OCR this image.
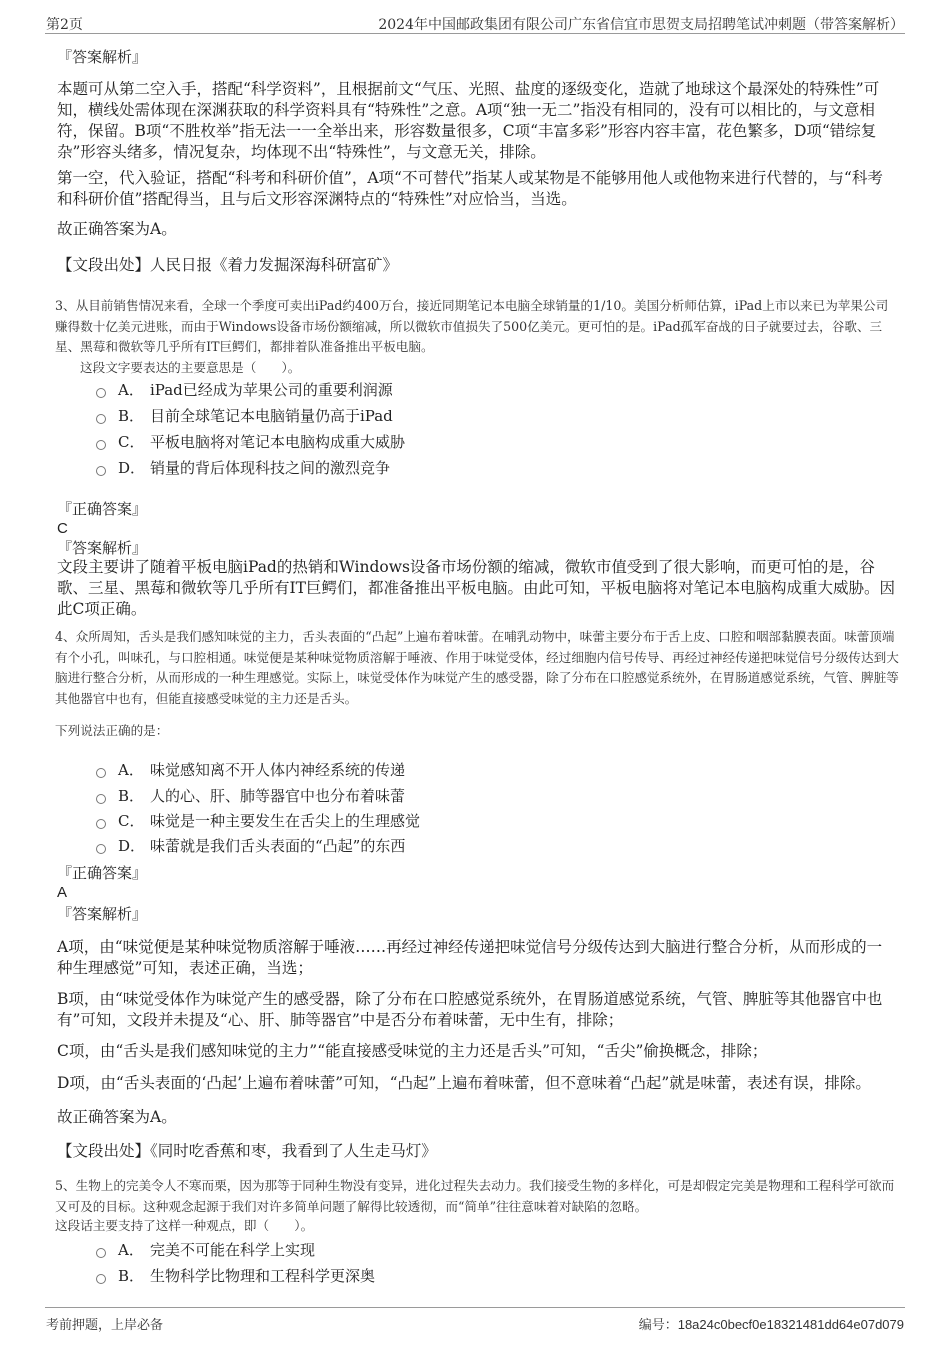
第2页	2024年中国邮政集团有限公司广东省信宜市思贺支局招聘笔试冲刺题（带答案解析）
『答案解析』
本题可从第二空入手，搭配“科学资料”，且根据前文“气压、光照、盐度的逐级变化，造就了地球这个最深处的特殊性”可知，横线处需体现在深渊获取的科学资料具有“特殊性”之意。A项“独一无二”指没有相同的，没有可以相比的，与文意相符，保留。B项“不胜枚举”指无法一一全举出来，形容数量很多，C项“丰富多彩”形容内容丰富，花色繁多，D项“错综复杂”形容头绪多，情况复杂，均体现不出“特殊性”，与文意无关，排除。
第一空，代入验证，搭配“科考和科研价值”，A项“不可替代”指某人或某物是不能够用他人或他物来进行代替的，与“科考和科研价值”搭配得当，且与后文形容深渊特点的“特殊性”对应恰当，当选。
故正确答案为A。
【文段出处】人民日报《着力发掘深海科研富矿》
3、从目前销售情况来看，全球一个季度可卖出iPad约400万台，接近同期笔记本电脑全球销量的1/10。美国分析师估算，iPad上市以来已为苹果公司赚得数十亿美元进账，而由于Windows设备市场份额缩减，所以微软市值损失了500亿美元。更可怕的是。iPad孤军奋战的日子就要过去，谷歌、三星、黑莓和微软等几乎所有IT巨鳄们，都排着队准备推出平板电脑。
这段文字要表达的主要意思是（　　）。
A． iPad已经成为苹果公司的重要利润源
B． 目前全球笔记本电脑销量仍高于iPad
C． 平板电脑将对笔记本电脑构成重大威胁
D． 销量的背后体现科技之间的激烈竞争
『正确答案』
C
『答案解析』
文段主要讲了随着平板电脑iPad的热销和Windows设备市场份额的缩减，微软市值受到了很大影响，而更可怕的是，谷歌、三星、黑莓和微软等几乎所有IT巨鳄们，都准备推出平板电脑。由此可知，平板电脑将对笔记本电脑构成重大威胁。因此C项正确。
4、众所周知，舌头是我们感知味觉的主力，舌头表面的“凸起”上遍布着味蕾。在哺乳动物中，味蕾主要分布于舌上皮、口腔和咽部黏膜表面。味蕾顶端有个小孔，叫味孔，与口腔相通。味觉便是某种味觉物质溶解于唾液、作用于味觉受体，经过细胞内信号传导、再经过神经传递把味觉信号分级传达到大脑进行整合分析，从而形成的一种生理感觉。实际上，味觉受体作为味觉产生的感受器，除了分布在口腔感觉系统外，在胃肠道感觉系统，气管、脾脏等其他器官中也有，但能直接感受味觉的主力还是舌头。
下列说法正确的是：
A． 味觉感知离不开人体内神经系统的传递
B． 人的心、肝、肺等器官中也分布着味蕾
C． 味觉是一种主要发生在舌尖上的生理感觉
D． 味蕾就是我们舌头表面的“凸起”的东西
『正确答案』
A
『答案解析』
A项，由“味觉便是某种味觉物质溶解于唾液……再经过神经传递把味觉信号分级传达到大脑进行整合分析，从而形成的一种生理感觉”可知，表述正确，当选；
B项，由“味觉受体作为味觉产生的感受器，除了分布在口腔感觉系统外，在胃肠道感觉系统，气管、脾脏等其他器官中也有”可知，文段并未提及“心、肝、肺等器官”中是否分布着味蕾，无中生有，排除；
C项，由“舌头是我们感知味觉的主力”“能直接感受味觉的主力还是舌头”可知，“舌尖”偷换概念，排除；
D项，由“舌头表面的‘凸起’上遍布着味蕾”可知，“凸起”上遍布着味蕾，但不意味着“凸起”就是味蕾，表述有误，排除。
故正确答案为A。
【文段出处】《同时吃香蕉和枣，我看到了人生走马灯》
5、生物上的完美令人不寒而栗，因为那等于同种生物没有变异，进化过程失去动力。我们接受生物的多样化，可是却假定完美是物理和工程科学可欲而又可及的目标。这种观念起源于我们对许多简单问题了解得比较透彻，而“简单”往往意味着对缺陷的忽略。
这段话主要支持了这样一种观点，即（　　）。
A． 完美不可能在科学上实现
B． 生物科学比物理和工程科学更深奥
考前押题，上岸必备	编号：18a24c0becf0e18321481dd64e07d079
